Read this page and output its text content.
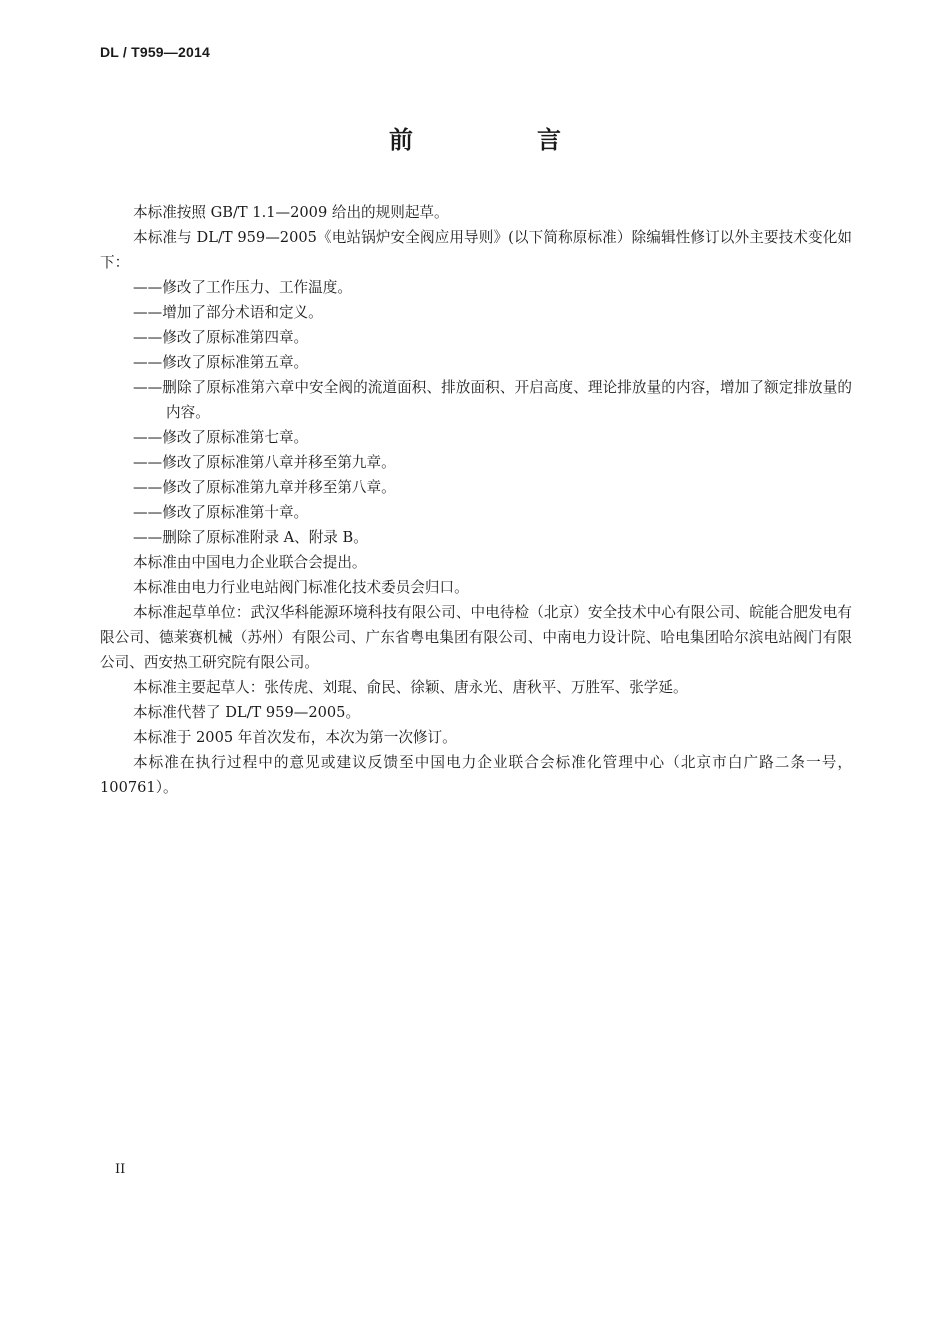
DL / T959—2014
前　言

本标准按照 GB/T 1.1—2009 给出的规则起草。

本标准与 DL/T 959—2005《电站锅炉安全阀应用导则》(以下简称原标准）除编辑性修订以外主要技术变化如下：

——修改了工作压力、工作温度。

——增加了部分术语和定义。

——修改了原标准第四章。

——修改了原标准第五章。

——删除了原标准第六章中安全阀的流道面积、排放面积、开启高度、理论排放量的内容，增加了额定排放量的内容。

——修改了原标准第七章。

——修改了原标准第八章并移至第九章。

——修改了原标准第九章并移至第八章。

——修改了原标准第十章。

——删除了原标准附录 A、附录 B。

本标准由中国电力企业联合会提出。

本标准由电力行业电站阀门标准化技术委员会归口。

本标准起草单位：武汉华科能源环境科技有限公司、中电待检（北京）安全技术中心有限公司、皖能合肥发电有限公司、德莱赛机械（苏州）有限公司、广东省粤电集团有限公司、中南电力设计院、哈电集团哈尔滨电站阀门有限公司、西安热工研究院有限公司。

本标准主要起草人：张传虎、刘琨、俞民、徐颖、唐永光、唐秋平、万胜军、张学延。

本标准代替了 DL/T 959—2005。

本标准于 2005 年首次发布，本次为第一次修订。

本标准在执行过程中的意见或建议反馈至中国电力企业联合会标准化管理中心（北京市白广路二条一号，100761）。

II
